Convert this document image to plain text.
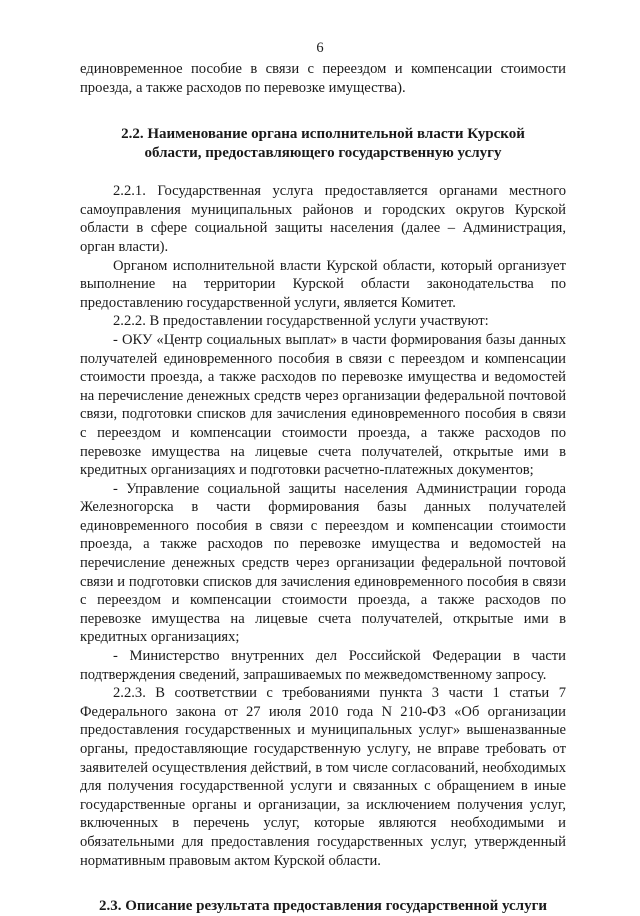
6

единовременное пособие в связи с переездом и компенсации стоимости проезда, а также расходов по перевозке имущества).

2.2. Наименование органа исполнительной власти Курской
области, предоставляющего государственную услугу

2.2.1. Государственная услуга предоставляется органами местного самоуправления муниципальных районов и городских округов Курской области в сфере социальной защиты населения (далее – Администрация, орган власти).

Органом исполнительной власти Курской области, который организует выполнение на территории Курской области законодательства по предоставлению государственной услуги, является Комитет.

2.2.2. В предоставлении государственной услуги участвуют:

- ОКУ «Центр социальных выплат» в части формирования базы данных получателей единовременного пособия в связи с переездом и компенсации стоимости проезда, а также расходов по перевозке имущества и ведомостей на перечисление денежных средств через организации федеральной почтовой связи, подготовки списков для зачисления единовременного пособия в связи с переездом и компенсации стоимости проезда, а также расходов по перевозке имущества на лицевые счета получателей, открытые ими в кредитных организациях и подготовки расчетно-платежных документов;

- Управление социальной защиты населения Администрации города Железногорска в части формирования базы данных получателей единовременного пособия в связи с переездом и компенсации стоимости проезда, а также расходов по перевозке имущества и ведомостей на перечисление денежных средств через организации федеральной почтовой связи и подготовки списков для зачисления единовременного пособия в связи с переездом и компенсации стоимости проезда, а также расходов по перевозке имущества на лицевые счета получателей, открытые ими в кредитных организациях;

- Министерство внутренних дел Российской Федерации в части подтверждения сведений, запрашиваемых по межведомственному запросу.

2.2.3. В соответствии с требованиями пункта 3 части 1 статьи 7 Федерального закона от 27 июля 2010 года N 210-ФЗ «Об организации предоставления государственных и муниципальных услуг» вышеназванные органы, предоставляющие государственную услугу, не вправе требовать от заявителей осуществления действий, в том числе согласований, необходимых для получения государственной услуги и связанных с обращением в иные государственные органы и организации, за исключением получения услуг, включенных в перечень услуг, которые являются необходимыми и обязательными для предоставления государственных услуг, утвержденный нормативным правовым актом Курской области.

2.3. Описание результата предоставления государственной услуги
